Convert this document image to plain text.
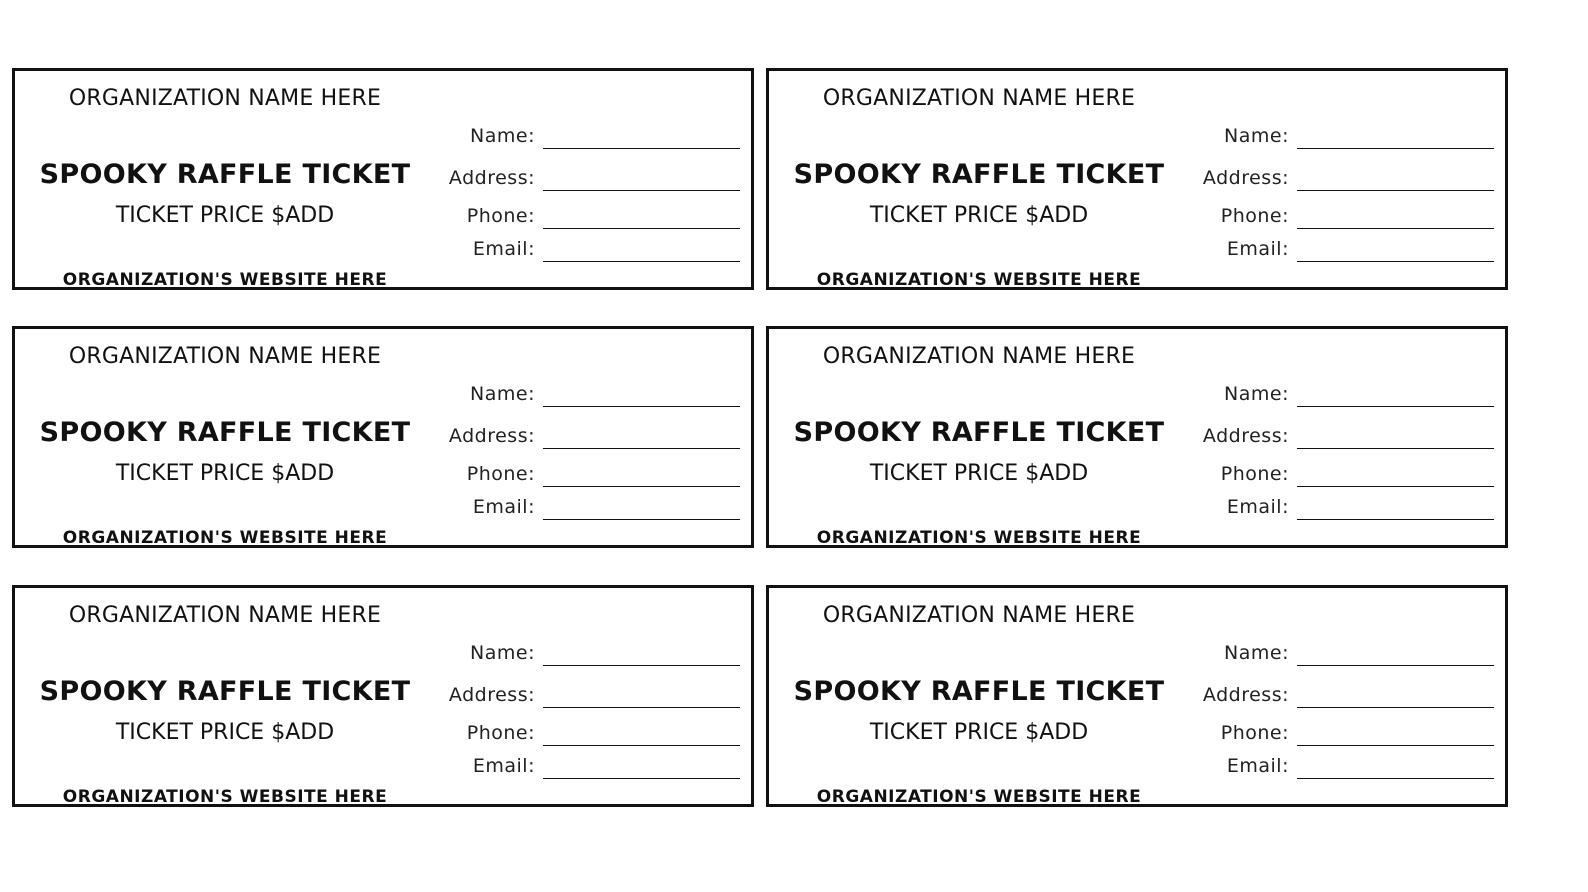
ORGANIZATION NAME HERE
SPOOKY RAFFLE TICKET
TICKET PRICE $ADD
ORGANIZATION'S WEBSITE HERE
Name:
Address:
Phone:
Email:
ORGANIZATION NAME HERE
SPOOKY RAFFLE TICKET
TICKET PRICE $ADD
ORGANIZATION'S WEBSITE HERE
Name:
Address:
Phone:
Email:
ORGANIZATION NAME HERE
SPOOKY RAFFLE TICKET
TICKET PRICE $ADD
ORGANIZATION'S WEBSITE HERE
Name:
Address:
Phone:
Email:
ORGANIZATION NAME HERE
SPOOKY RAFFLE TICKET
TICKET PRICE $ADD
ORGANIZATION'S WEBSITE HERE
Name:
Address:
Phone:
Email:
ORGANIZATION NAME HERE
SPOOKY RAFFLE TICKET
TICKET PRICE $ADD
ORGANIZATION'S WEBSITE HERE
Name:
Address:
Phone:
Email:
ORGANIZATION NAME HERE
SPOOKY RAFFLE TICKET
TICKET PRICE $ADD
ORGANIZATION'S WEBSITE HERE
Name:
Address:
Phone:
Email:
